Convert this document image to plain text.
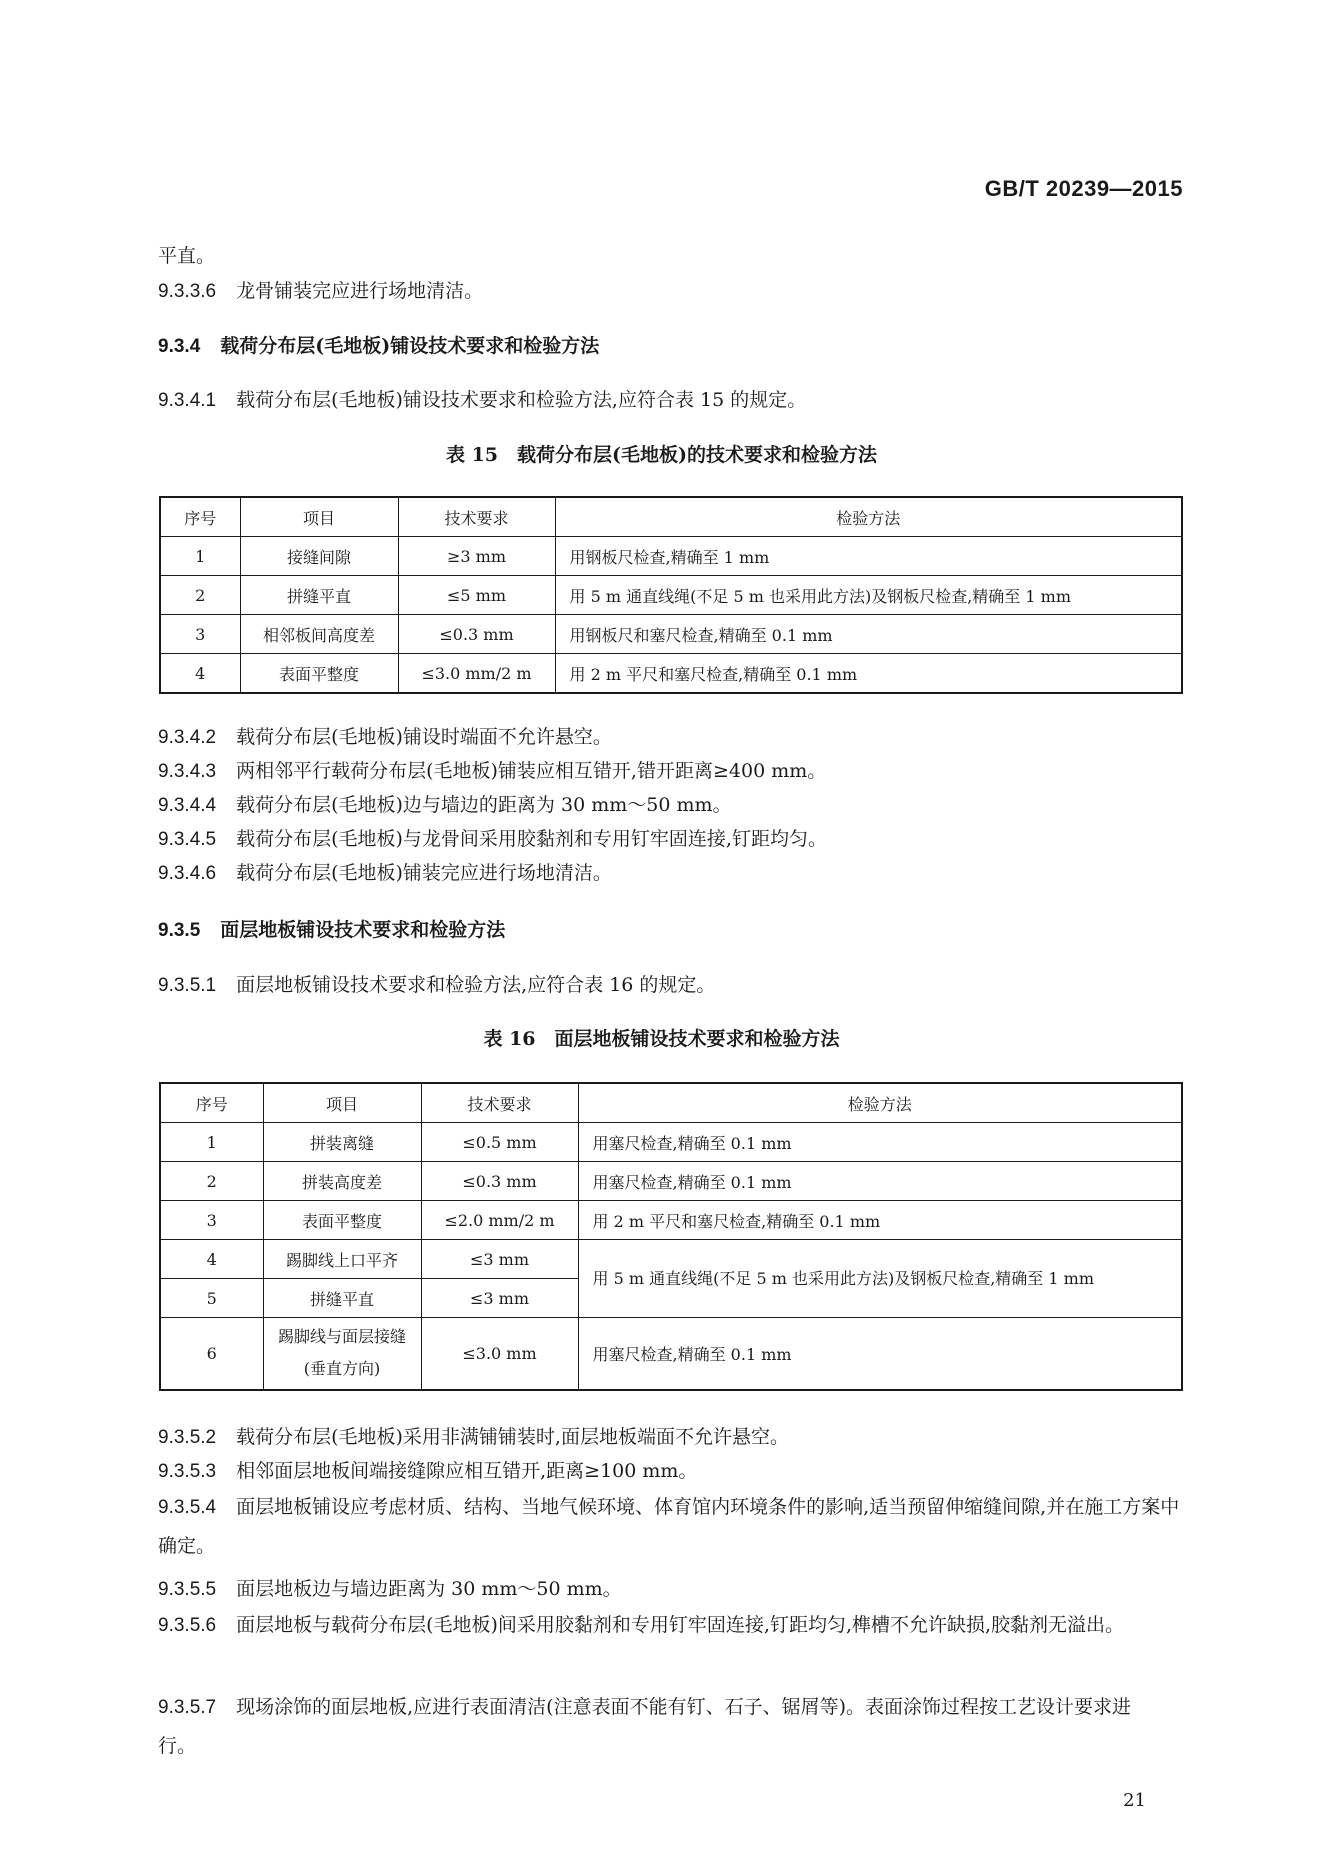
GB/T 20239—2015
平直。
9.3.3.6 龙骨铺装完应进行场地清洁。
9.3.4 载荷分布层(毛地板)铺设技术要求和检验方法
9.3.4.1 载荷分布层(毛地板)铺设技术要求和检验方法,应符合表 15 的规定。
表 15　载荷分布层(毛地板)的技术要求和检验方法
序号	项目	技术要求	检验方法
1	接缝间隙	≥3 mm	用钢板尺检查,精确至 1 mm
2	拼缝平直	≤5 mm	用 5 m 通直线绳(不足 5 m 也采用此方法)及钢板尺检查,精确至 1 mm
3	相邻板间高度差	≤0.3 mm	用钢板尺和塞尺检查,精确至 0.1 mm
4	表面平整度	≤3.0 mm/2 m	用 2 m 平尺和塞尺检查,精确至 0.1 mm
9.3.4.2 载荷分布层(毛地板)铺设时端面不允许悬空。
9.3.4.3 两相邻平行载荷分布层(毛地板)铺装应相互错开,错开距离≥400 mm。
9.3.4.4 载荷分布层(毛地板)边与墙边的距离为 30 mm～50 mm。
9.3.4.5 载荷分布层(毛地板)与龙骨间采用胶黏剂和专用钉牢固连接,钉距均匀。
9.3.4.6 载荷分布层(毛地板)铺装完应进行场地清洁。
9.3.5 面层地板铺设技术要求和检验方法
9.3.5.1 面层地板铺设技术要求和检验方法,应符合表 16 的规定。
表 16　面层地板铺设技术要求和检验方法
序号	项目	技术要求	检验方法
1	拼装离缝	≤0.5 mm	用塞尺检查,精确至 0.1 mm
2	拼装高度差	≤0.3 mm	用塞尺检查,精确至 0.1 mm
3	表面平整度	≤2.0 mm/2 m	用 2 m 平尺和塞尺检查,精确至 0.1 mm
4	踢脚线上口平齐	≤3 mm	用 5 m 通直线绳(不足 5 m 也采用此方法)及钢板尺检查,精确至 1 mm
5	拼缝平直	≤3 mm	
6	踢脚线与面层接缝(垂直方向)	≤3.0 mm	用塞尺检查,精确至 0.1 mm
9.3.5.2 载荷分布层(毛地板)采用非满铺铺装时,面层地板端面不允许悬空。
9.3.5.3 相邻面层地板间端接缝隙应相互错开,距离≥100 mm。
9.3.5.4 面层地板铺设应考虑材质、结构、当地气候环境、体育馆内环境条件的影响,适当预留伸缩缝间隙,并在施工方案中确定。
9.3.5.5 面层地板边与墙边距离为 30 mm～50 mm。
9.3.5.6 面层地板与载荷分布层(毛地板)间采用胶黏剂和专用钉牢固连接,钉距均匀,榫槽不允许缺损,胶黏剂无溢出。
9.3.5.7 现场涂饰的面层地板,应进行表面清洁(注意表面不能有钉、石子、锯屑等)。表面涂饰过程按工艺设计要求进行。
21
